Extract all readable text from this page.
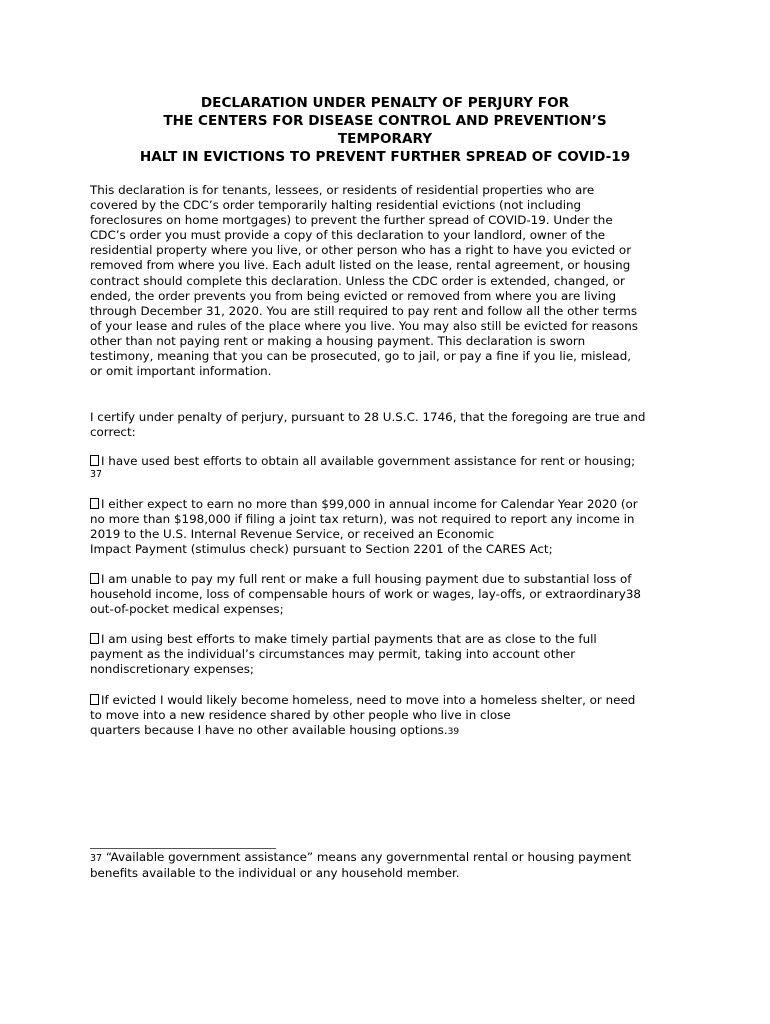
DECLARATION UNDER PENALTY OF PERJURY FOR
THE CENTERS FOR DISEASE CONTROL AND PREVENTION’S
TEMPORARY
HALT IN EVICTIONS TO PREVENT FURTHER SPREAD OF COVID-19
This declaration is for tenants, lessees, or residents of residential properties who are
covered by the CDC’s order temporarily halting residential evictions (not including
foreclosures on home mortgages) to prevent the further spread of COVID-19. Under the
CDC’s order you must provide a copy of this declaration to your landlord, owner of the
residential property where you live, or other person who has a right to have you evicted or
removed from where you live. Each adult listed on the lease, rental agreement, or housing
contract should complete this declaration. Unless the CDC order is extended, changed, or
ended, the order prevents you from being evicted or removed from where you are living
through December 31, 2020. You are still required to pay rent and follow all the other terms
of your lease and rules of the place where you live. You may also still be evicted for reasons
other than not paying rent or making a housing payment. This declaration is sworn
testimony, meaning that you can be prosecuted, go to jail, or pay a fine if you lie, mislead,
or omit important information.
I certify under penalty of perjury, pursuant to 28 U.S.C. 1746, that the foregoing are true and
correct:
I have used best efforts to obtain all available government assistance for rent or housing;
37
I either expect to earn no more than $99,000 in annual income for Calendar Year 2020 (or
no more than $198,000 if filing a joint tax return), was not required to report any income in
2019 to the U.S. Internal Revenue Service, or received an Economic
Impact Payment (stimulus check) pursuant to Section 2201 of the CARES Act;
I am unable to pay my full rent or make a full housing payment due to substantial loss of
household income, loss of compensable hours of work or wages, lay-offs, or extraordinary38
out-of-pocket medical expenses;
I am using best efforts to make timely partial payments that are as close to the full
payment as the individual’s circumstances may permit, taking into account other
nondiscretionary expenses;
If evicted I would likely become homeless, need to move into a homeless shelter, or need
to move into a new residence shared by other people who live in close
quarters because I have no other available housing options.39
37 “Available government assistance” means any governmental rental or housing payment
benefits available to the individual or any household member.
